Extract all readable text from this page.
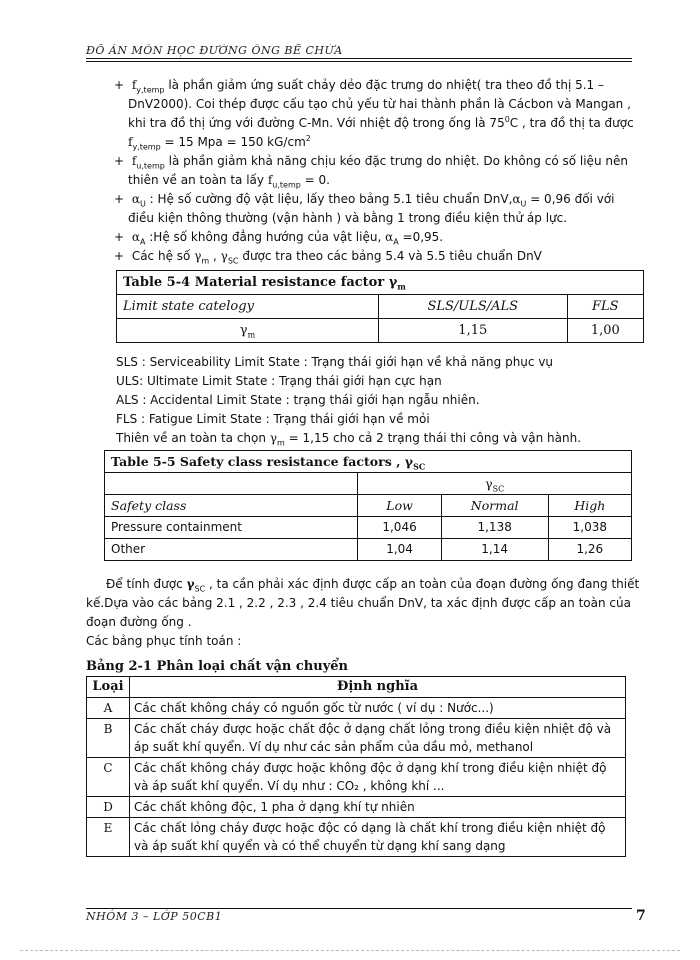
ĐỒ ÁN MÔN HỌC ĐƯỜNG ỐNG BỂ CHỨA

+ $f_{y,temp}$ là phần giảm ứng suất chảy dẻo đặc trưng do nhiệt( tra theo đồ thị 5.1 – DnV2000). Coi thép được cấu tạo chủ yếu từ hai thành phần là Cácbon và Mangan , khi tra đồ thị ứng với đường C-Mn. Với nhiệt độ trong ống là $75^0C$ , tra đồ thị ta được $f_{y,temp} = 15$ Mpa = 150 $kG/cm^2$

+ $f_{u,temp}$ là phần giảm khả năng chịu kéo đặc trưng do nhiệt. Do không có số liệu nên thiên về an toàn ta lấy $f_{u,temp} = 0$.

+ $\alpha_U$ : Hệ số cường độ vật liệu, lấy theo bảng 5.1 tiêu chuẩn $DnV,\alpha_U = 0,96$ đối với điều kiện thông thường (vận hành ) và bằng 1 trong điều kiện thử áp lực.

+ $\alpha_A$ :Hệ số không đẳng hướng của vật liệu, $\alpha_A =0,95$.

+ Các hệ số $\gamma_m$ , $\gamma_{SC}$ được tra theo các bảng 5.4 và 5.5 tiêu chuẩn DnV

Table 5-4 Material resistance factor $\gamma_m$
Limit state catelogy	SLS/ULS/ALS	FLS
$\gamma_m$	1,15	1,00

SLS : Serviceability Limit State : Trạng thái giới hạn về khả năng phục vụ

ULS: Ultimate Limit State : Trạng thái giới hạn cực hạn

ALS : Accidental Limit State : trạng thái giới hạn ngẫu nhiên.

FLS : Fatigue Limit State : Trạng thái giới hạn về mỏi

Thiên về an toàn ta chọn $\gamma_m = 1,15$ cho cả 2 trạng thái thi công và vận hành.

Table 5-5 Safety class resistance factors , $\gamma_{SC}$
	$\gamma_{SC}$
Safety class	Low	Normal	High
Pressure containment	1,046	1,138	1,038
Other	1,04	1,14	1,26

Để tính được $\gamma_{SC}$ , ta cần phải xác định được cấp an toàn của đoạn đường ống đang thiết kế.Dựa vào các bảng 2.1 , 2.2 , 2.3 , 2.4 tiêu chuẩn DnV, ta xác định được cấp an toàn của đoạn đường ống .

Các bảng phục tính toán :

Bảng 2-1 Phân loại chất vận chuyển
Loại	Định nghĩa
A	Các chất không cháy có nguồn gốc từ nước ( ví dụ : Nước...)
B	Các chất cháy được hoặc chất độc ở dạng chất lỏng trong điều kiện nhiệt độ và áp suất khí quyển. Ví dụ như các sản phẩm của dầu mỏ, methanol
C	Các chất không cháy được hoặc không độc ở dạng khí trong điều kiện nhiệt độ và áp suất khí quyển. Ví dụ như : CO₂ , không khí ...
D	Các chất không độc, 1 pha ở dạng khí tự nhiên
E	Các chất lỏng cháy được hoặc độc có dạng là chất khí trong điều kiện nhiệt độ và áp suất khí quyển và có thể chuyển từ dạng khí sang dạng
NHÓM 3 – LỚP 50CB1	7
